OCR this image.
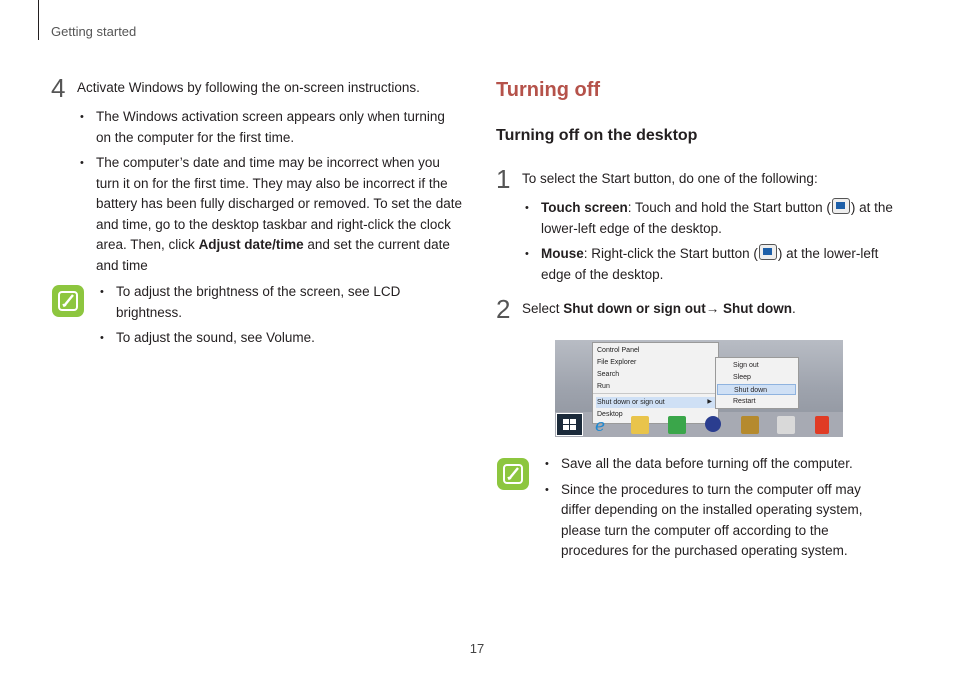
Getting started
4 Activate Windows by following the on-screen instructions.
• The Windows activation screen appears only when turning on the computer for the first time.
• The computer’s date and time may be incorrect when you turn it on for the first time. They may also be incorrect if the battery has been fully discharged or removed. To set the date and time, go to the desktop taskbar and right-click the clock area. Then, click Adjust date/time and set the current date and time
• To adjust the brightness of the screen, see LCD brightness.
• To adjust the sound, see Volume.
Turning off
Turning off on the desktop
1 To select the Start button, do one of the following:
• Touch screen: Touch and hold the Start button ( ) at the lower-left edge of the desktop.
• Mouse: Right-click the Start button ( ) at the lower-left edge of the desktop.
2 Select Shut down or sign out→ Shut down.
Control Panel
File Explorer
Search
Run
Shut down or sign out	▶
Desktop
Sign out
Sleep
Shut down
Restart
e
• Save all the data before turning off the computer.
• Since the procedures to turn the computer off may differ depending on the installed operating system, please turn the computer off according to the procedures for the purchased operating system.
17
